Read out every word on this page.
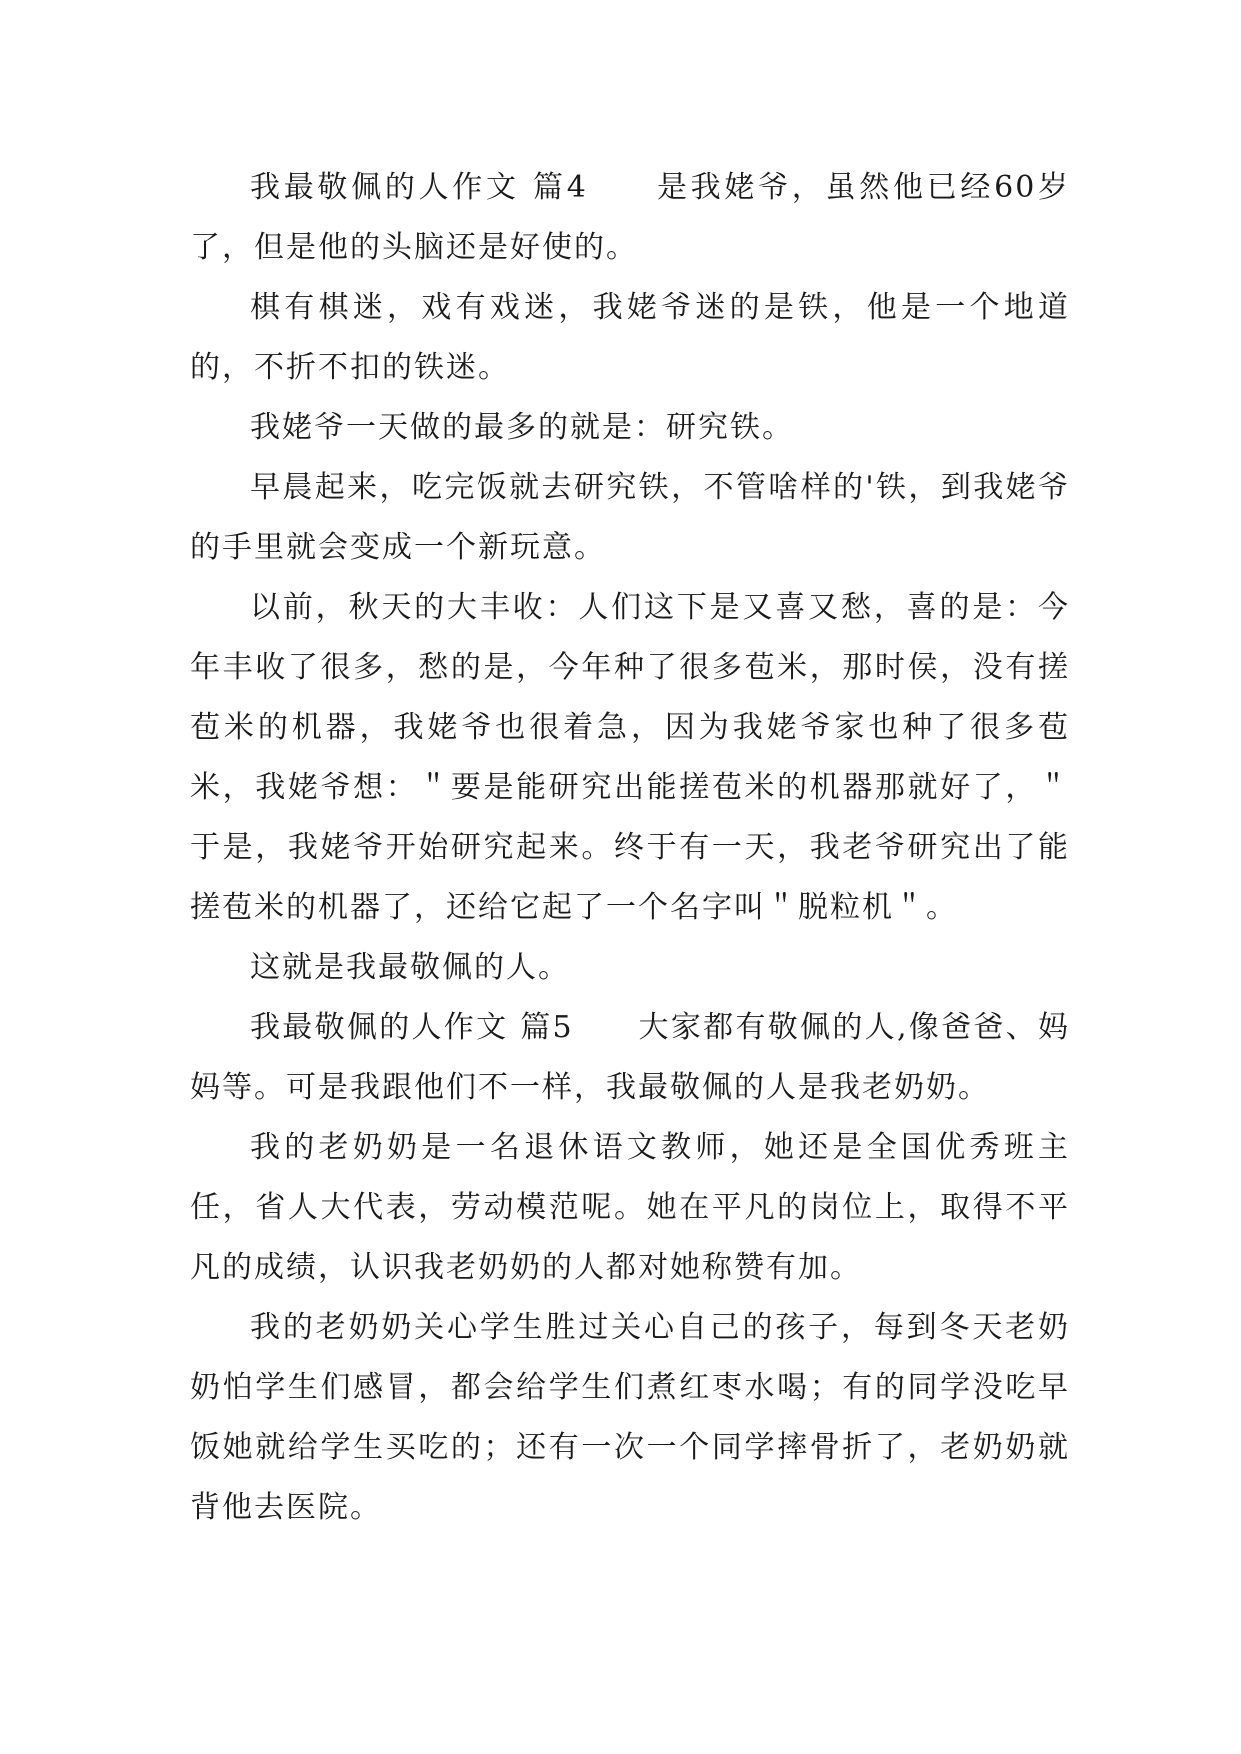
我最敬佩的人作文 篇4　　是我姥爷，虽然他已经60岁了，但是他的头脑还是好使的。

棋有棋迷，戏有戏迷，我姥爷迷的是铁，他是一个地道的，不折不扣的铁迷。

我姥爷一天做的最多的就是：研究铁。

早晨起来，吃完饭就去研究铁，不管啥样的'铁，到我姥爷的手里就会变成一个新玩意。

以前，秋天的大丰收：人们这下是又喜又愁，喜的是：今年丰收了很多，愁的是，今年种了很多苞米，那时侯，没有搓苞米的机器，我姥爷也很着急，因为我姥爷家也种了很多苞米，我姥爷想：＂要是能研究出能搓苞米的机器那就好了，＂于是，我姥爷开始研究起来。终于有一天，我老爷研究出了能搓苞米的机器了，还给它起了一个名字叫＂脱粒机＂。

这就是我最敬佩的人。

我最敬佩的人作文 篇5　　大家都有敬佩的人,像爸爸、妈妈等。可是我跟他们不一样，我最敬佩的人是我老奶奶。

我的老奶奶是一名退休语文教师，她还是全国优秀班主任，省人大代表，劳动模范呢。她在平凡的岗位上，取得不平凡的成绩，认识我老奶奶的人都对她称赞有加。

我的老奶奶关心学生胜过关心自己的孩子，每到冬天老奶奶怕学生们感冒，都会给学生们煮红枣水喝；有的同学没吃早饭她就给学生买吃的；还有一次一个同学摔骨折了，老奶奶就背他去医院。
